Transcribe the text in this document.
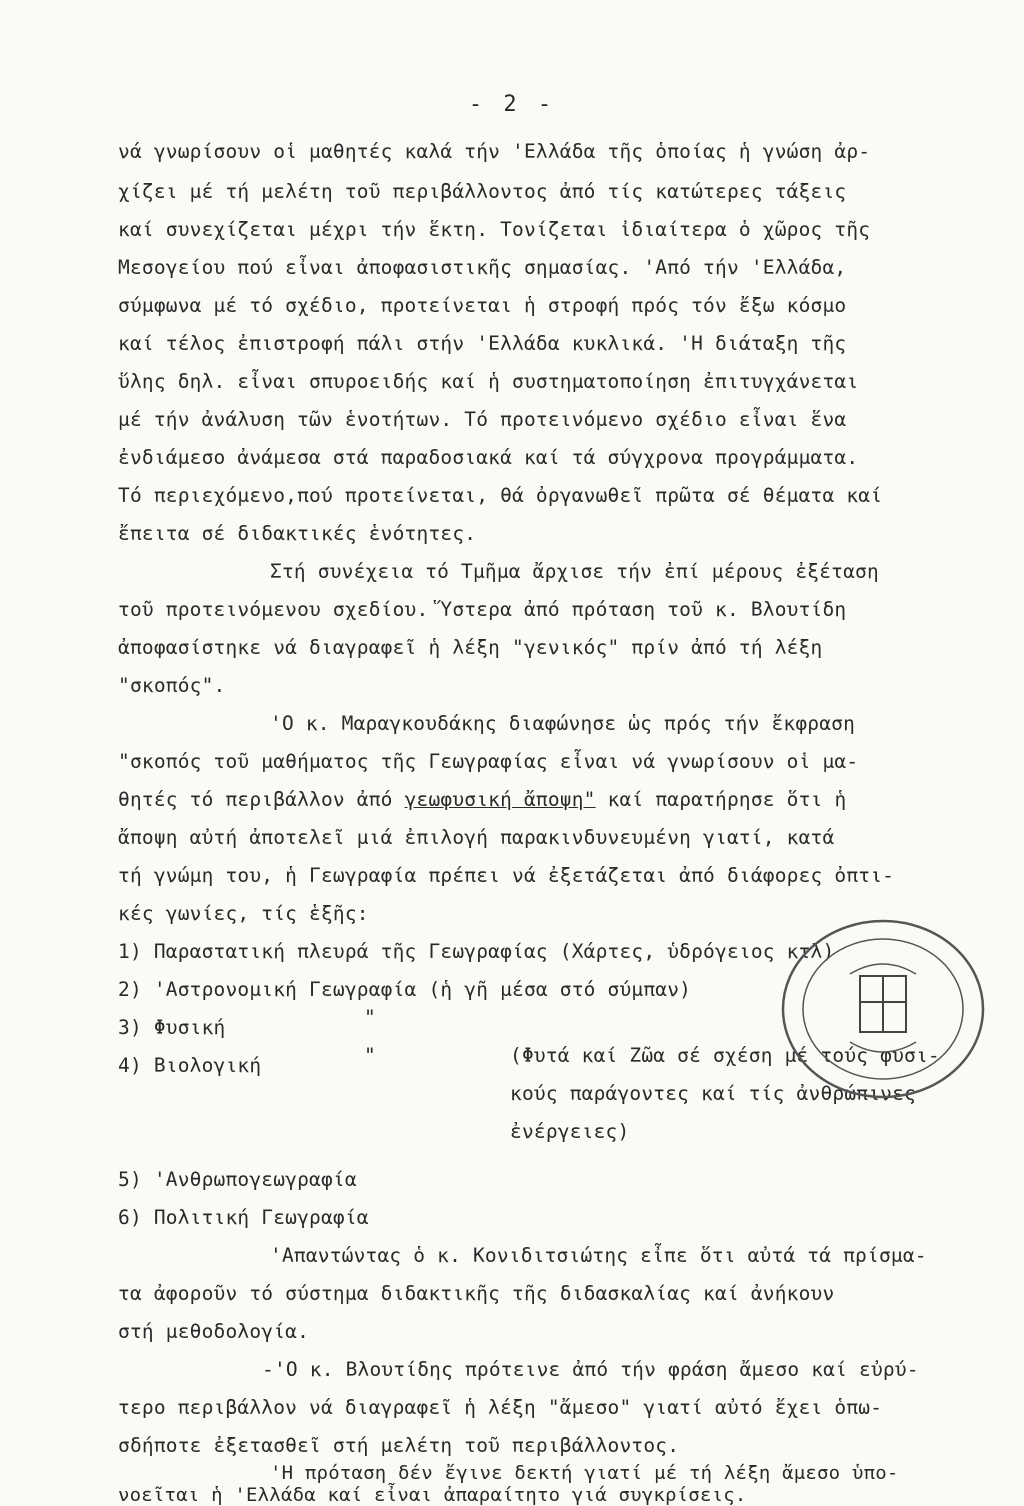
- 2 -
νά γνωρίσουν οἱ μαθητές καλά τήν 'Ελλάδα τῆς ὁποίας ἡ γνώση ἀρ-
χίζει μέ τή μελέτη τοῦ περιβάλλοντος ἀπό τίς κατώτερες τάξεις
καί συνεχίζεται μέχρι τήν ἕκτη. Τονίζεται ἰδιαίτερα ὁ χῶρος τῆς
Μεσογείου πού εἶναι ἀποφασιστικῆς σημασίας. 'Από τήν 'Ελλάδα,
σύμφωνα μέ τό σχέδιο, προτείνεται ἡ στροφή πρός τόν ἔξω κόσμο
καί τέλος ἐπιστροφή πάλι στήν 'Ελλάδα κυκλικά. 'Η διάταξη τῆς
ὕλης δηλ. εἶναι σπυροειδής καί ἡ συστηματοποίηση ἐπιτυγχάνεται
μέ τήν ἀνάλυση τῶν ἑνοτήτων. Τό προτεινόμενο σχέδιο εἶναι ἕνα
ἐνδιάμεσο ἀνάμεσα στά παραδοσιακά καί τά σύγχρονα προγράμματα.
Τό περιεχόμενο,πού προτείνεται, θά ὀργανωθεῖ πρῶτα σέ θέματα καί
ἔπειτα σέ διδακτικές ἑνότητες.
Στή συνέχεια τό Τμῆμα ἄρχισε τήν ἐπί μέρους ἐξέταση
τοῦ προτεινόμενου σχεδίου. Ὕστερα ἀπό πρόταση τοῦ κ. Βλουτίδη
ἀποφασίστηκε νά διαγραφεῖ ἡ λέξη "γενικός" πρίν ἀπό τή λέξη
"σκοπός".
'Ο κ. Μαραγκουδάκης διαφώνησε ὡς πρός τήν ἔκφραση
"σκοπός τοῦ μαθήματος τῆς Γεωγραφίας εἶναι νά γνωρίσουν οἱ μα-
θητές τό περιβάλλον ἀπό γεωφυσική ἄποψη" καί παρατήρησε ὅτι ἡ
ἄποψη αὐτή ἀποτελεῖ μιά ἐπιλογή παρακινδυνευμένη γιατί, κατά
τή γνώμη του, ἡ Γεωγραφία πρέπει νά ἐξετάζεται ἀπό διάφορες ὀπτι-
κές γωνίες, τίς ἑξῆς:
1) Παραστατική πλευρά τῆς Γεωγραφίας (Χάρτες, ὑδρόγειος κτλ)
2) 'Αστρονομική Γεωγραφία (ἡ γῆ μέσα στό σύμπαν)
"
3) Φυσική
"
4) Βιολογική	(Φυτά καί Ζῶα σέ σχέση μέ τούς φυσι-
κούς παράγοντες καί τίς ἀνθρώπινες
ἐνέργειες)
5) 'Ανθρωπογεωγραφία
6) Πολιτική Γεωγραφία
'Απαντώντας ὁ κ. Κονιδιτσιώτης εἶπε ὅτι αὐτά τά πρίσμα-
τα ἀφοροῦν τό σύστημα διδακτικῆς τῆς διδασκαλίας καί ἀνήκουν
στή μεθοδολογία.
-'Ο κ. Βλουτίδης πρότεινε ἀπό τήν φράση ἄμεσο καί εὐρύ-
τερο περιβάλλον νά διαγραφεῖ ἡ λέξη "ἄμεσο" γιατί αὐτό ἔχει ὁπω-
σδήποτε ἐξετασθεῖ στή μελέτη τοῦ περιβάλλοντος.
'Η πρόταση δέν ἔγινε δεκτή γιατί μέ τή λέξη ἄμεσο ὑπο-
νοεῖται ἡ 'Ελλάδα καί εἶναι ἀπαραίτητο γιά συγκρίσεις.
